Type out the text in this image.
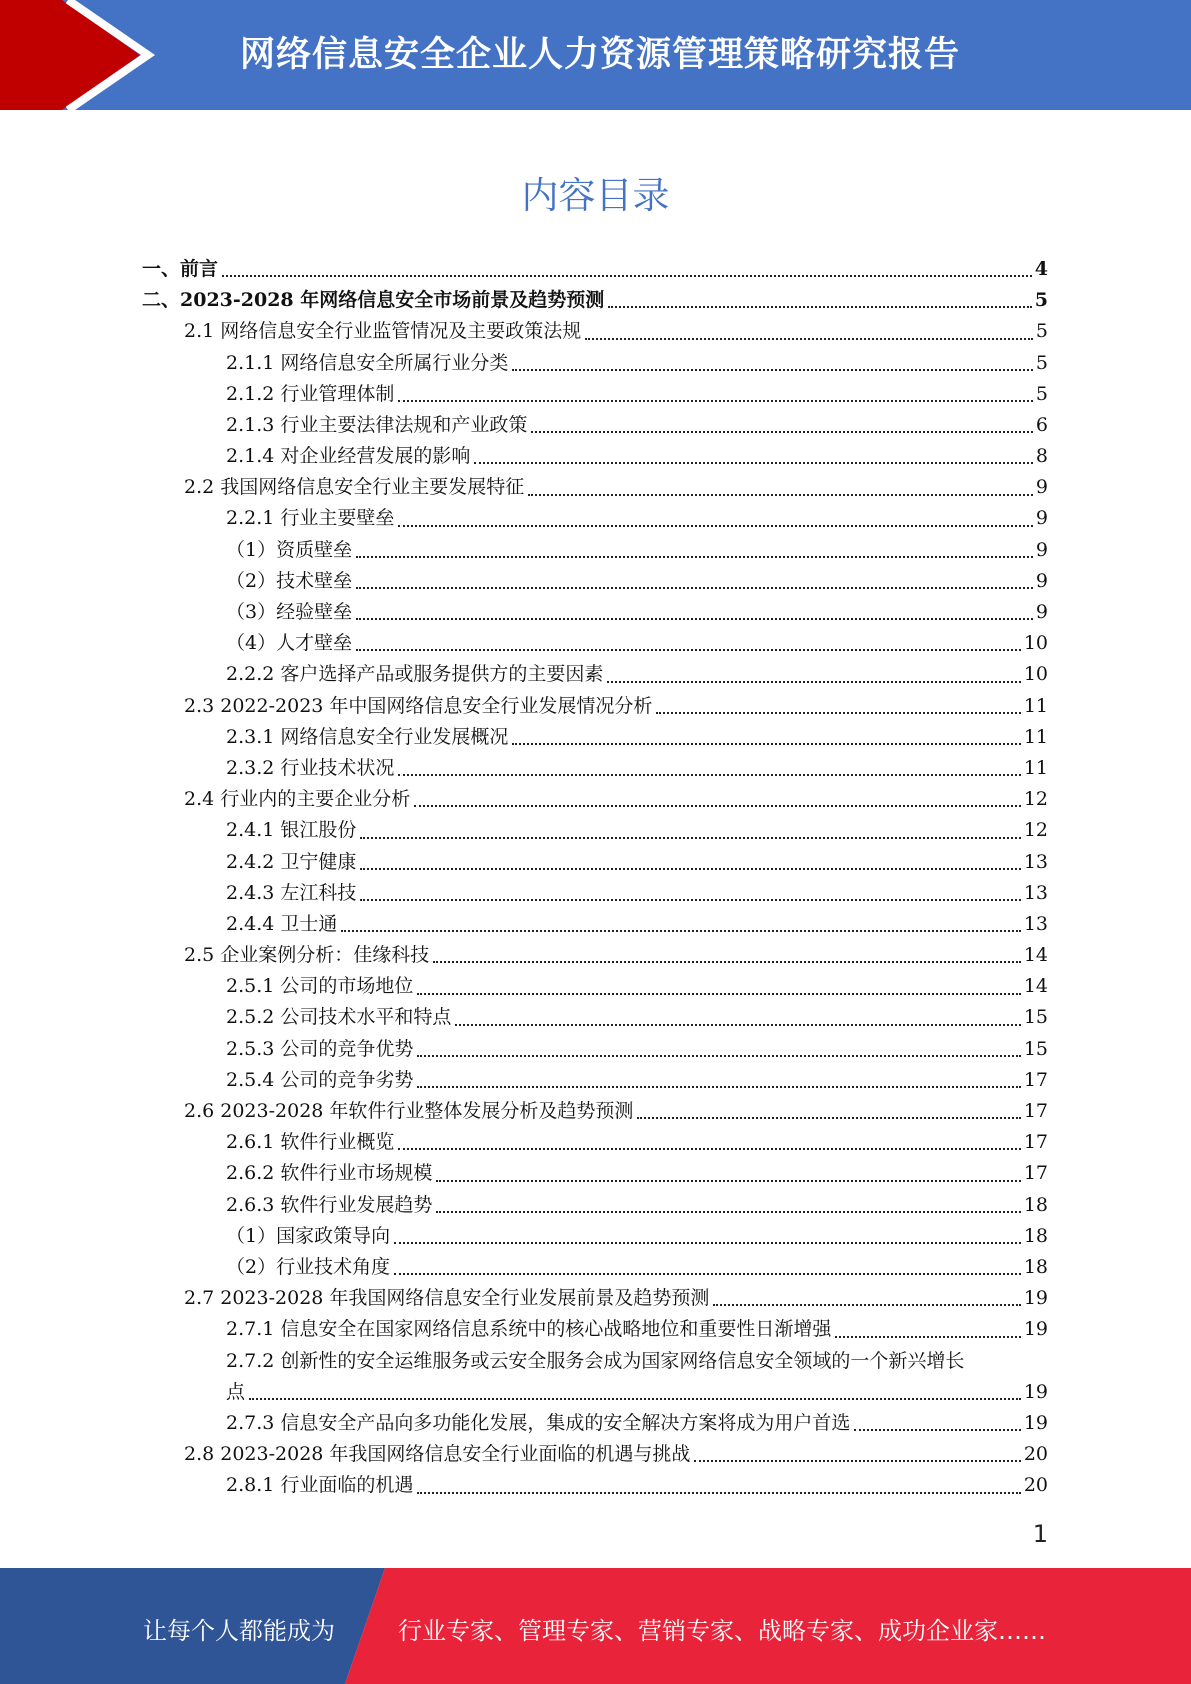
网络信息安全企业人力资源管理策略研究报告
内容目录
一、前言	4
二、2023-2028 年网络信息安全市场前景及趋势预测	5
2.1 网络信息安全行业监管情况及主要政策法规	5
2.1.1 网络信息安全所属行业分类	5
2.1.2 行业管理体制	5
2.1.3 行业主要法律法规和产业政策	6
2.1.4 对企业经营发展的影响	8
2.2 我国网络信息安全行业主要发展特征	9
2.2.1 行业主要壁垒	9
（1）资质壁垒	9
（2）技术壁垒	9
（3）经验壁垒	9
（4）人才壁垒	10
2.2.2 客户选择产品或服务提供方的主要因素	10
2.3 2022-2023 年中国网络信息安全行业发展情况分析	11
2.3.1 网络信息安全行业发展概况	11
2.3.2 行业技术状况	11
2.4 行业内的主要企业分析	12
2.4.1 银江股份	12
2.4.2 卫宁健康	13
2.4.3 左江科技	13
2.4.4 卫士通	13
2.5 企业案例分析：佳缘科技	14
2.5.1 公司的市场地位	14
2.5.2 公司技术水平和特点	15
2.5.3 公司的竞争优势	15
2.5.4 公司的竞争劣势	17
2.6 2023-2028 年软件行业整体发展分析及趋势预测	17
2.6.1 软件行业概览	17
2.6.2 软件行业市场规模	17
2.6.3 软件行业发展趋势	18
（1）国家政策导向	18
（2）行业技术角度	18
2.7 2023-2028 年我国网络信息安全行业发展前景及趋势预测	19
2.7.1 信息安全在国家网络信息系统中的核心战略地位和重要性日渐增强	19
2.7.2 创新性的安全运维服务或云安全服务会成为国家网络信息安全领域的一个新兴增长
点	19
2.7.3 信息安全产品向多功能化发展，集成的安全解决方案将成为用户首选	19
2.8 2023-2028 年我国网络信息安全行业面临的机遇与挑战	20
2.8.1 行业面临的机遇	20
1
让每个人都能成为	行业专家、管理专家、营销专家、战略专家、成功企业家……
